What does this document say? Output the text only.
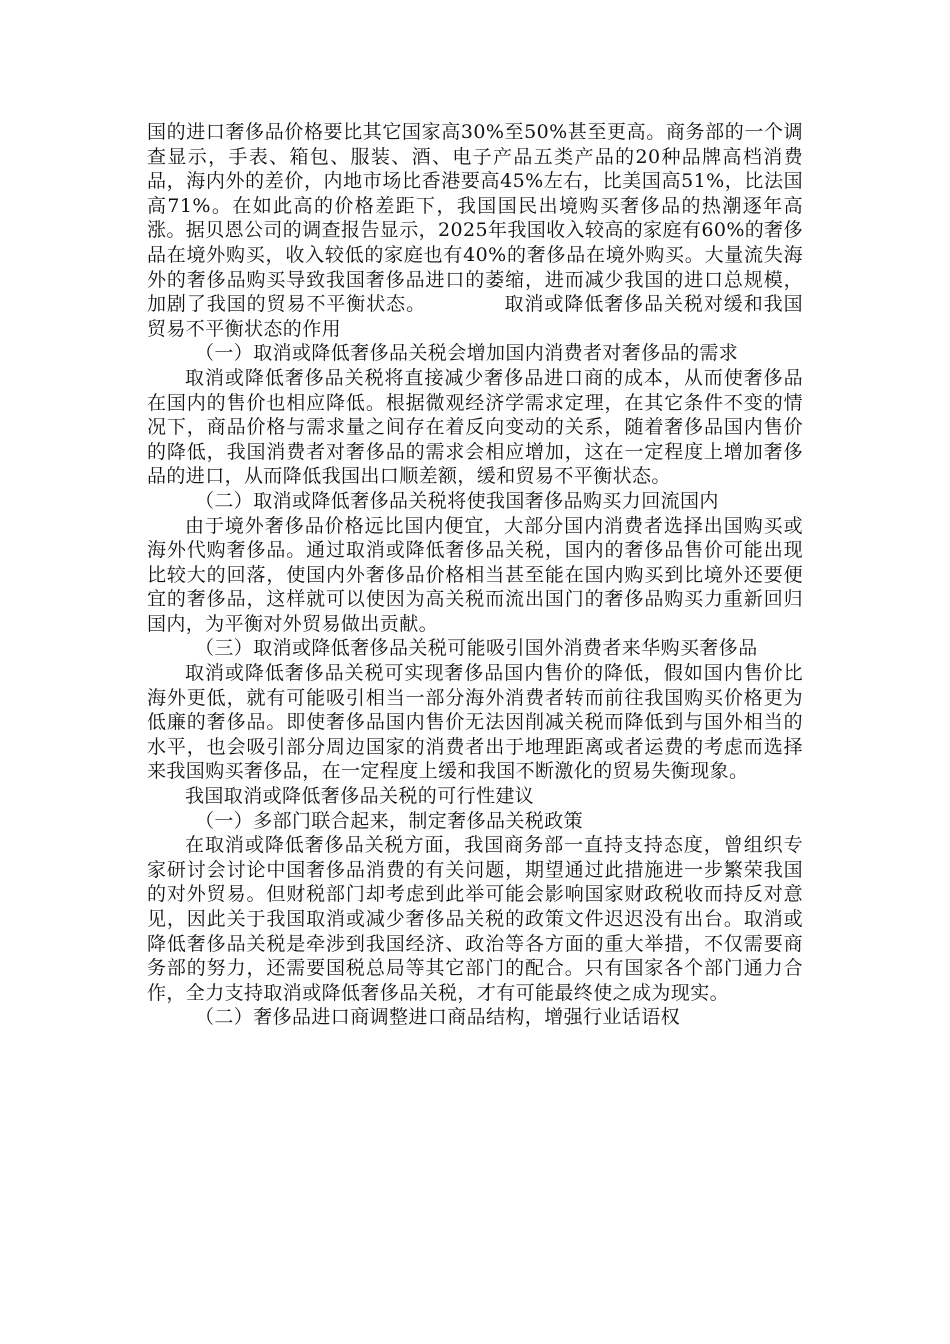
国的进口奢侈品价格要比其它国家高30%至50%甚至更高。商务部的一个调查显示，手表、箱包、服装、酒、电子产品五类产品的20种品牌高档消费品，海内外的差价，内地市场比香港要高45%左右，比美国高51%，比法国高71%。在如此高的价格差距下，我国国民出境购买奢侈品的热潮逐年高涨。据贝恩公司的调查报告显示，2025年我国收入较高的家庭有60%的奢侈品在境外购买，收入较低的家庭也有40%的奢侈品在境外购买。大量流失海外的奢侈品购买导致我国奢侈品进口的萎缩，进而减少我国的进口总规模，加剧了我国的贸易不平衡状态。	取消或降低奢侈品关税对缓和我国贸易不平衡状态的作用

（一）取消或降低奢侈品关税会增加国内消费者对奢侈品的需求

取消或降低奢侈品关税将直接减少奢侈品进口商的成本，从而使奢侈品在国内的售价也相应降低。根据微观经济学需求定理，在其它条件不变的情况下，商品价格与需求量之间存在着反向变动的关系，随着奢侈品国内售价的降低，我国消费者对奢侈品的需求会相应增加，这在一定程度上增加奢侈品的进口，从而降低我国出口顺差额，缓和贸易不平衡状态。

（二）取消或降低奢侈品关税将使我国奢侈品购买力回流国内

由于境外奢侈品价格远比国内便宜，大部分国内消费者选择出国购买或海外代购奢侈品。通过取消或降低奢侈品关税，国内的奢侈品售价可能出现比较大的回落，使国内外奢侈品价格相当甚至能在国内购买到比境外还要便宜的奢侈品，这样就可以使因为高关税而流出国门的奢侈品购买力重新回归国内，为平衡对外贸易做出贡献。

（三）取消或降低奢侈品关税可能吸引国外消费者来华购买奢侈品

取消或降低奢侈品关税可实现奢侈品国内售价的降低，假如国内售价比海外更低，就有可能吸引相当一部分海外消费者转而前往我国购买价格更为低廉的奢侈品。即使奢侈品国内售价无法因削减关税而降低到与国外相当的水平，也会吸引部分周边国家的消费者出于地理距离或者运费的考虑而选择来我国购买奢侈品，在一定程度上缓和我国不断激化的贸易失衡现象。

我国取消或降低奢侈品关税的可行性建议

（一）多部门联合起来，制定奢侈品关税政策

在取消或降低奢侈品关税方面，我国商务部一直持支持态度，曾组织专家研讨会讨论中国奢侈品消费的有关问题，期望通过此措施进一步繁荣我国的对外贸易。但财税部门却考虑到此举可能会影响国家财政税收而持反对意见，因此关于我国取消或减少奢侈品关税的政策文件迟迟没有出台。取消或降低奢侈品关税是牵涉到我国经济、政治等各方面的重大举措，不仅需要商务部的努力，还需要国税总局等其它部门的配合。只有国家各个部门通力合作，全力支持取消或降低奢侈品关税，才有可能最终使之成为现实。

（二）奢侈品进口商调整进口商品结构，增强行业话语权
